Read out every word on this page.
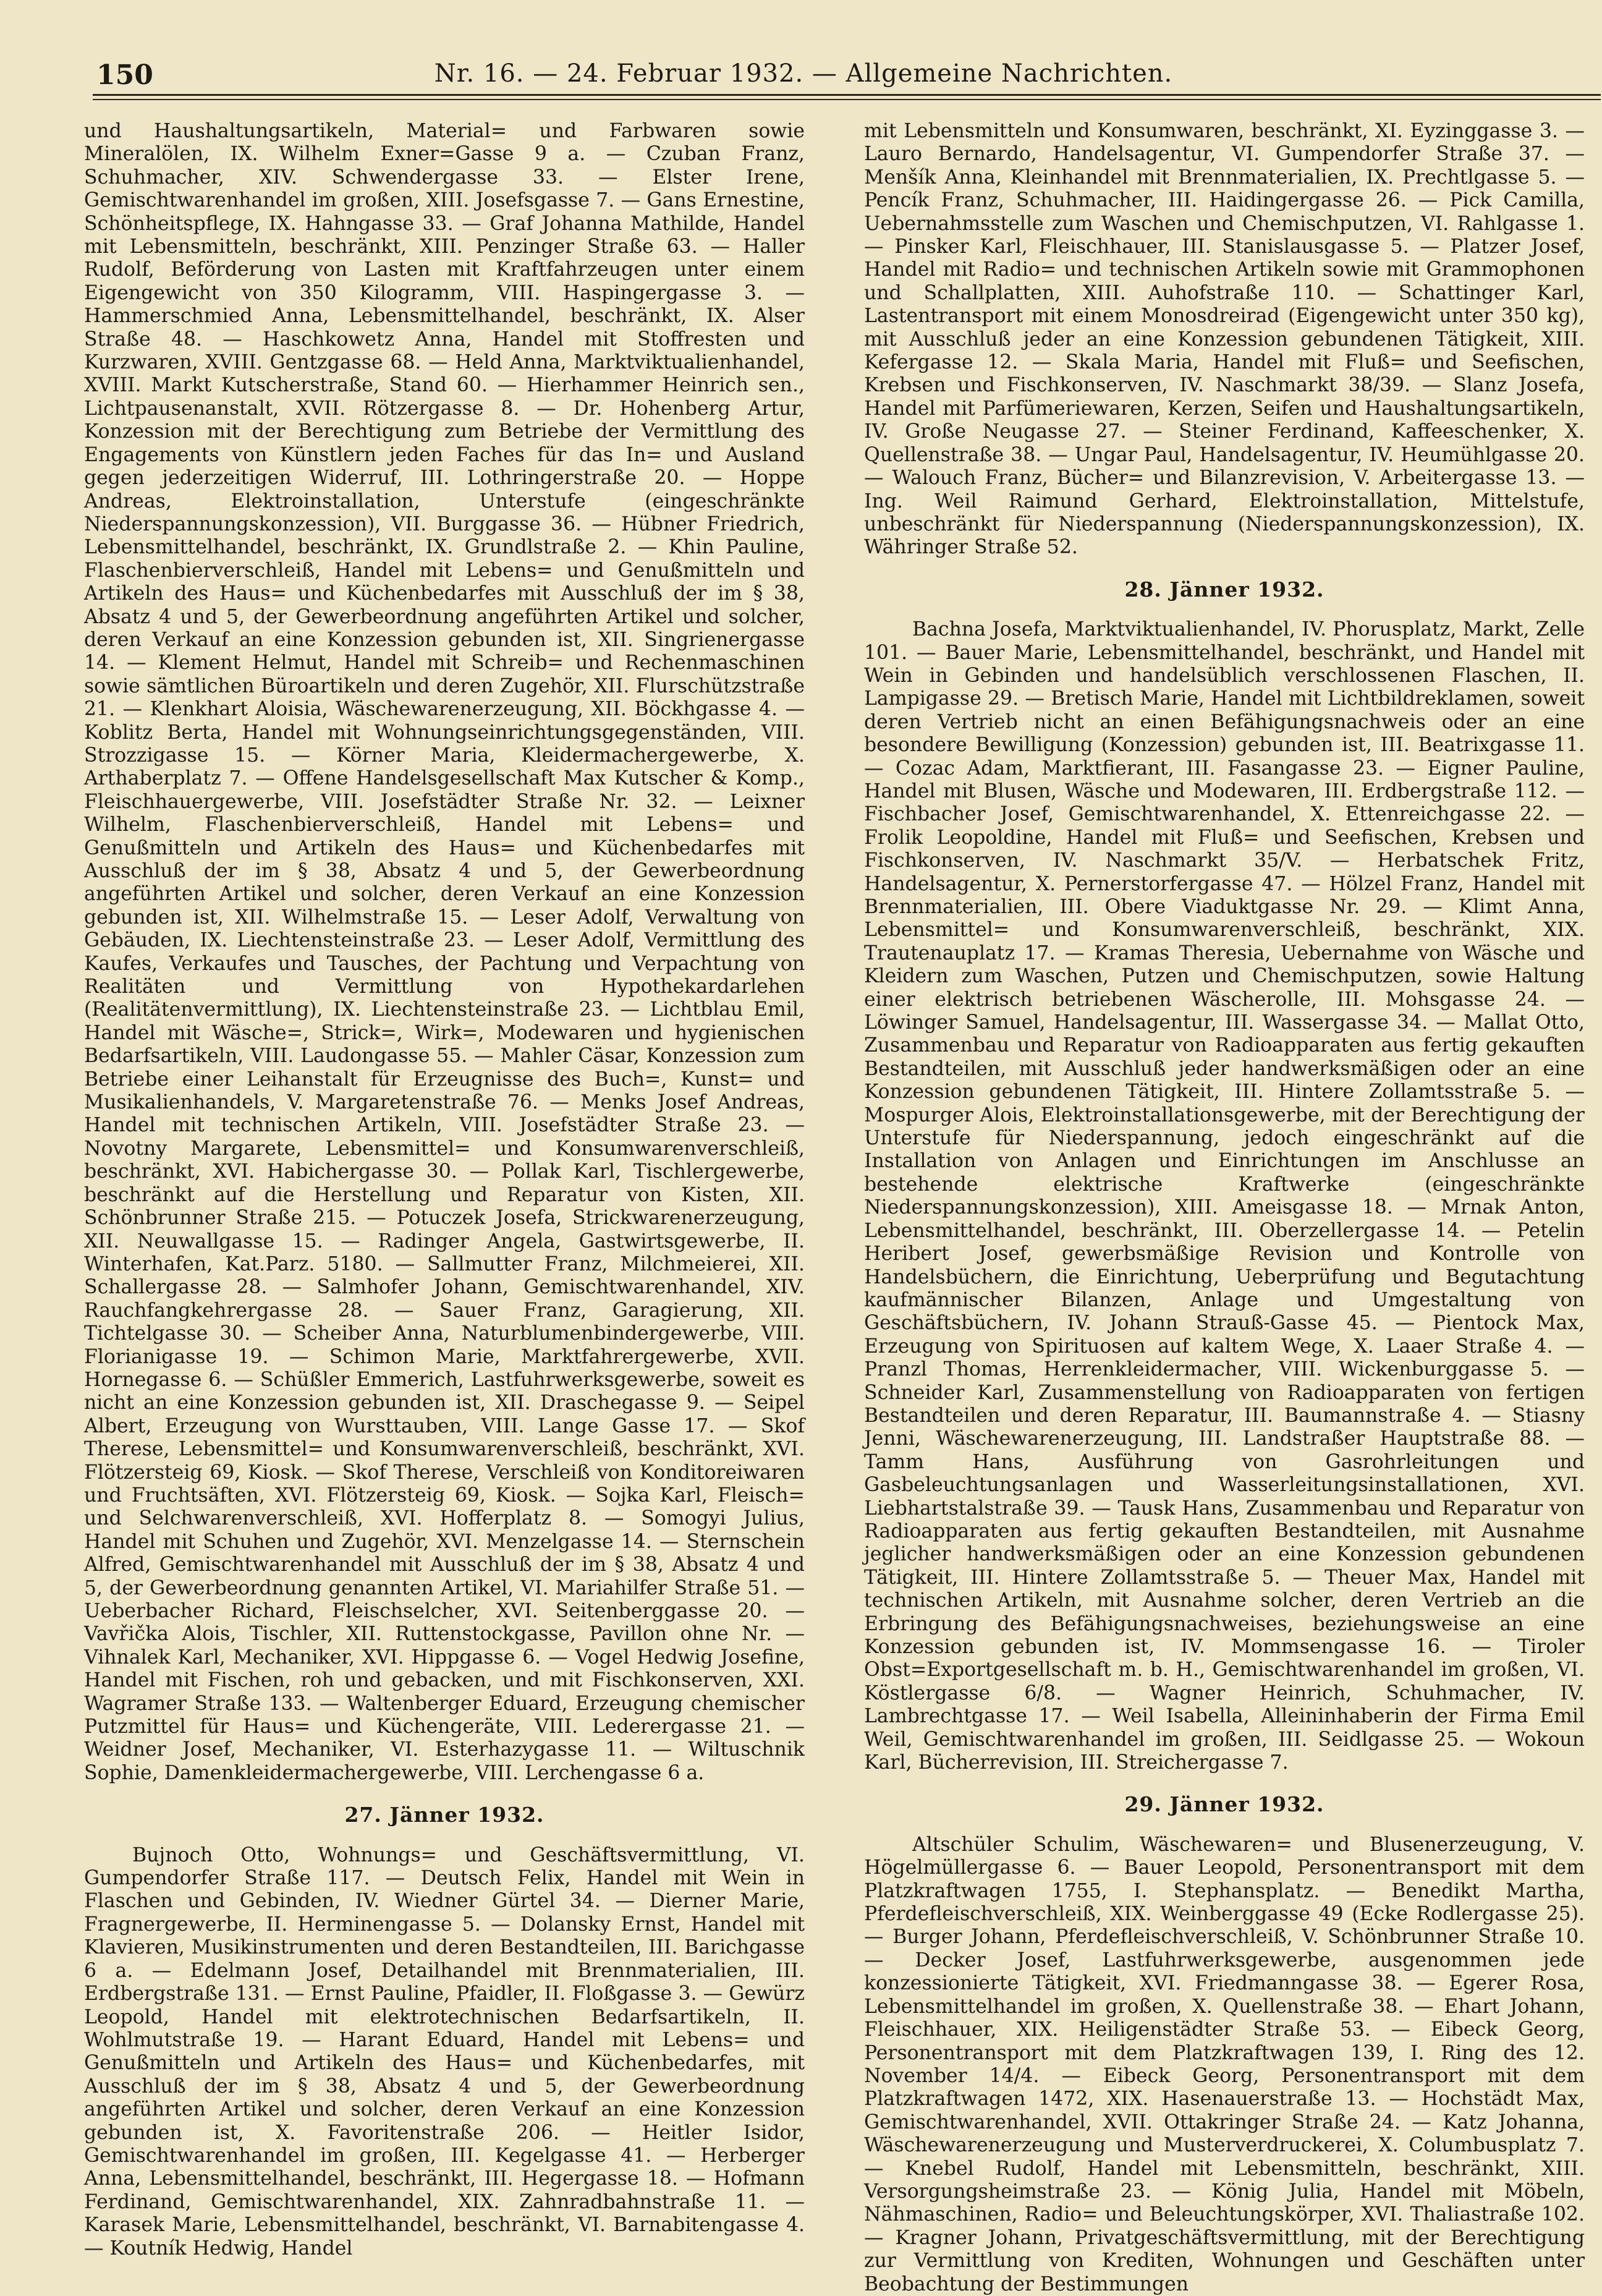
150	Nr. 16. — 24. Februar 1932. — Allgemeine Nachrichten.

und Haushaltungsartikeln, Material= und Farbwaren sowie Mineralölen, IX. Wilhelm Exner=Gasse 9 a. — Czuban Franz, Schuhmacher, XIV. Schwendergasse 33. — Elster Irene, Gemischtwarenhandel im großen, XIII. Josefsgasse 7. — Gans Ernestine, Schönheitspflege, IX. Hahngasse 33. — Graf Johanna Mathilde, Handel mit Lebensmitteln, beschränkt, XIII. Penzinger Straße 63. — Haller Rudolf, Beförderung von Lasten mit Kraftfahrzeugen unter einem Eigengewicht von 350 Kilogramm, VIII. Haspingergasse 3. — Hammerschmied Anna, Lebensmittelhandel, beschränkt, IX. Alser Straße 48. — Haschkowetz Anna, Handel mit Stoffresten und Kurzwaren, XVIII. Gentzgasse 68. — Held Anna, Marktviktualienhandel, XVIII. Markt Kutscherstraße, Stand 60. — Hierhammer Heinrich sen., Lichtpausenanstalt, XVII. Rötzergasse 8. — Dr. Hohenberg Artur, Konzession mit der Berechtigung zum Betriebe der Vermittlung des Engagements von Künstlern jeden Faches für das In= und Ausland gegen jederzeitigen Widerruf, III. Lothringerstraße 20. — Hoppe Andreas, Elektroinstallation, Unterstufe (eingeschränkte Niederspannungskonzession), VII. Burggasse 36. — Hübner Friedrich, Lebensmittelhandel, beschränkt, IX. Grundlstraße 2. — Khin Pauline, Flaschenbierverschleiß, Handel mit Lebens= und Genußmitteln und Artikeln des Haus= und Küchenbedarfes mit Ausschluß der im § 38, Absatz 4 und 5, der Gewerbeordnung angeführten Artikel und solcher, deren Verkauf an eine Konzession gebunden ist, XII. Singrienergasse 14. — Klement Helmut, Handel mit Schreib= und Rechenmaschinen sowie sämtlichen Büroartikeln und deren Zugehör, XII. Flurschützstraße 21. — Klenkhart Aloisia, Wäschewarenerzeugung, XII. Böckhgasse 4. — Koblitz Berta, Handel mit Wohnungseinrichtungsgegenständen, VIII. Strozzigasse 15. — Körner Maria, Kleidermachergewerbe, X. Arthaberplatz 7. — Offene Handelsgesellschaft Max Kutscher & Komp., Fleischhauergewerbe, VIII. Josefstädter Straße Nr. 32. — Leixner Wilhelm, Flaschenbierverschleiß, Handel mit Lebens= und Genußmitteln und Artikeln des Haus= und Küchenbedarfes mit Ausschluß der im § 38, Absatz 4 und 5, der Gewerbeordnung angeführten Artikel und solcher, deren Verkauf an eine Konzession gebunden ist, XII. Wilhelmstraße 15. — Leser Adolf, Verwaltung von Gebäuden, IX. Liechtensteinstraße 23. — Leser Adolf, Vermittlung des Kaufes, Verkaufes und Tausches, der Pachtung und Verpachtung von Realitäten und Vermittlung von Hypothekardarlehen (Realitätenvermittlung), IX. Liechtensteinstraße 23. — Lichtblau Emil, Handel mit Wäsche=, Strick=, Wirk=, Modewaren und hygienischen Bedarfsartikeln, VIII. Laudongasse 55. — Mahler Cäsar, Konzession zum Betriebe einer Leihanstalt für Erzeugnisse des Buch=, Kunst= und Musikalienhandels, V. Margaretenstraße 76. — Menks Josef Andreas, Handel mit technischen Artikeln, VIII. Josefstädter Straße 23. — Novotny Margarete, Lebensmittel= und Konsumwarenverschleiß, beschränkt, XVI. Habichergasse 30. — Pollak Karl, Tischlergewerbe, beschränkt auf die Herstellung und Reparatur von Kisten, XII. Schönbrunner Straße 215. — Potuczek Josefa, Strickwarenerzeugung, XII. Neuwallgasse 15. — Radinger Angela, Gastwirtsgewerbe, II. Winterhafen, Kat.Parz. 5180. — Sallmutter Franz, Milchmeierei, XII. Schallergasse 28. — Salmhofer Johann, Gemischtwarenhandel, XIV. Rauchfangkehrergasse 28. — Sauer Franz, Garagierung, XII. Tichtelgasse 30. — Scheiber Anna, Naturblumenbindergewerbe, VIII. Florianigasse 19. — Schimon Marie, Marktfahrergewerbe, XVII. Hornegasse 6. — Schüßler Emmerich, Lastfuhrwerksgewerbe, soweit es nicht an eine Konzession gebunden ist, XII. Draschegasse 9. — Seipel Albert, Erzeugung von Wursttauben, VIII. Lange Gasse 17. — Skof Therese, Lebensmittel= und Konsumwarenverschleiß, beschränkt, XVI. Flötzersteig 69, Kiosk. — Skof Therese, Verschleiß von Konditoreiwaren und Fruchtsäften, XVI. Flötzersteig 69, Kiosk. — Sojka Karl, Fleisch= und Selchwarenverschleiß, XVI. Hofferplatz 8. — Somogyi Julius, Handel mit Schuhen und Zugehör, XVI. Menzelgasse 14. — Sternschein Alfred, Gemischtwarenhandel mit Ausschluß der im § 38, Absatz 4 und 5, der Gewerbeordnung genannten Artikel, VI. Mariahilfer Straße 51. — Ueberbacher Richard, Fleischselcher, XVI. Seitenberggasse 20. — Vavřička Alois, Tischler, XII. Ruttenstockgasse, Pavillon ohne Nr. — Vihnalek Karl, Mechaniker, XVI. Hippgasse 6. — Vogel Hedwig Josefine, Handel mit Fischen, roh und gebacken, und mit Fischkonserven, XXI. Wagramer Straße 133. — Waltenberger Eduard, Erzeugung chemischer Putzmittel für Haus= und Küchengeräte, VIII. Lederergasse 21. — Weidner Josef, Mechaniker, VI. Esterhazygasse 11. — Wiltuschnik Sophie, Damenkleidermachergewerbe, VIII. Lerchengasse 6 a.

27. Jänner 1932.

Bujnoch Otto, Wohnungs= und Geschäftsvermittlung, VI. Gumpendorfer Straße 117. — Deutsch Felix, Handel mit Wein in Flaschen und Gebinden, IV. Wiedner Gürtel 34. — Dierner Marie, Fragnergewerbe, II. Herminengasse 5. — Dolansky Ernst, Handel mit Klavieren, Musikinstrumenten und deren Bestandteilen, III. Barichgasse 6 a. — Edelmann Josef, Detailhandel mit Brennmaterialien, III. Erdbergstraße 131. — Ernst Pauline, Pfaidler, II. Floßgasse 3. — Gewürz Leopold, Handel mit elektrotechnischen Bedarfsartikeln, II. Wohlmutstraße 19. — Harant Eduard, Handel mit Lebens= und Genußmitteln und Artikeln des Haus= und Küchenbedarfes, mit Ausschluß der im § 38, Absatz 4 und 5, der Gewerbeordnung angeführten Artikel und solcher, deren Verkauf an eine Konzession gebunden ist, X. Favoritenstraße 206. — Heitler Isidor, Gemischtwarenhandel im großen, III. Kegelgasse 41. — Herberger Anna, Lebensmittelhandel, beschränkt, III. Hegergasse 18. — Hofmann Ferdinand, Gemischtwarenhandel, XIX. Zahnradbahnstraße 11. — Karasek Marie, Lebensmittelhandel, beschränkt, VI. Barnabitengasse 4. — Koutník Hedwig, Handel

mit Lebensmitteln und Konsumwaren, beschränkt, XI. Eyzinggasse 3. — Lauro Bernardo, Handelsagentur, VI. Gumpendorfer Straße 37. — Menšík Anna, Kleinhandel mit Brennmaterialien, IX. Prechtlgasse 5. — Pencík Franz, Schuhmacher, III. Haidingergasse 26. — Pick Camilla, Uebernahmsstelle zum Waschen und Chemischputzen, VI. Rahlgasse 1. — Pinsker Karl, Fleischhauer, III. Stanislausgasse 5. — Platzer Josef, Handel mit Radio= und technischen Artikeln sowie mit Grammophonen und Schallplatten, XIII. Auhofstraße 110. — Schattinger Karl, Lastentransport mit einem Monosdreirad (Eigengewicht unter 350 kg), mit Ausschluß jeder an eine Konzession gebundenen Tätigkeit, XIII. Kefergasse 12. — Skala Maria, Handel mit Fluß= und Seefischen, Krebsen und Fischkonserven, IV. Naschmarkt 38/39. — Slanz Josefa, Handel mit Parfümeriewaren, Kerzen, Seifen und Haushaltungsartikeln, IV. Große Neugasse 27. — Steiner Ferdinand, Kaffeeschenker, X. Quellenstraße 38. — Ungar Paul, Handelsagentur, IV. Heumühlgasse 20. — Walouch Franz, Bücher= und Bilanzrevision, V. Arbeitergasse 13. — Ing. Weil Raimund Gerhard, Elektroinstallation, Mittelstufe, unbeschränkt für Niederspannung (Niederspannungskonzession), IX. Währinger Straße 52.

28. Jänner 1932.

Bachna Josefa, Marktviktualienhandel, IV. Phorusplatz, Markt, Zelle 101. — Bauer Marie, Lebensmittelhandel, beschränkt, und Handel mit Wein in Gebinden und handelsüblich verschlossenen Flaschen, II. Lampigasse 29. — Bretisch Marie, Handel mit Lichtbildreklamen, soweit deren Vertrieb nicht an einen Befähigungsnachweis oder an eine besondere Bewilligung (Konzession) gebunden ist, III. Beatrixgasse 11. — Cozac Adam, Marktfierant, III. Fasangasse 23. — Eigner Pauline, Handel mit Blusen, Wäsche und Modewaren, III. Erdbergstraße 112. — Fischbacher Josef, Gemischtwarenhandel, X. Ettenreichgasse 22. — Frolik Leopoldine, Handel mit Fluß= und Seefischen, Krebsen und Fischkonserven, IV. Naschmarkt 35/V. — Herbatschek Fritz, Handelsagentur, X. Pernerstorfergasse 47. — Hölzel Franz, Handel mit Brennmaterialien, III. Obere Viaduktgasse Nr. 29. — Klimt Anna, Lebensmittel= und Konsumwarenverschleiß, beschränkt, XIX. Trautenauplatz 17. — Kramas Theresia, Uebernahme von Wäsche und Kleidern zum Waschen, Putzen und Chemischputzen, sowie Haltung einer elektrisch betriebenen Wäscherolle, III. Mohsgasse 24. — Löwinger Samuel, Handelsagentur, III. Wassergasse 34. — Mallat Otto, Zusammenbau und Reparatur von Radioapparaten aus fertig gekauften Bestandteilen, mit Ausschluß jeder handwerksmäßigen oder an eine Konzession gebundenen Tätigkeit, III. Hintere Zollamtsstraße 5. — Mospurger Alois, Elektroinstallationsgewerbe, mit der Berechtigung der Unterstufe für Niederspannung, jedoch eingeschränkt auf die Installation von Anlagen und Einrichtungen im Anschlusse an bestehende elektrische Kraftwerke (eingeschränkte Niederspannungskonzession), XIII. Ameisgasse 18. — Mrnak Anton, Lebensmittelhandel, beschränkt, III. Oberzellergasse 14. — Petelin Heribert Josef, gewerbsmäßige Revision und Kontrolle von Handelsbüchern, die Einrichtung, Ueberprüfung und Begutachtung kaufmännischer Bilanzen, Anlage und Umgestaltung von Geschäftsbüchern, IV. Johann Strauß-Gasse 45. — Pientock Max, Erzeugung von Spirituosen auf kaltem Wege, X. Laaer Straße 4. — Pranzl Thomas, Herrenkleidermacher, VIII. Wickenburggasse 5. — Schneider Karl, Zusammenstellung von Radioapparaten von fertigen Bestandteilen und deren Reparatur, III. Baumannstraße 4. — Stiasny Jenni, Wäschewarenerzeugung, III. Landstraßer Hauptstraße 88. — Tamm Hans, Ausführung von Gasrohrleitungen und Gasbeleuchtungsanlagen und Wasserleitungsinstallationen, XVI. Liebhartstalstraße 39. — Tausk Hans, Zusammenbau und Reparatur von Radioapparaten aus fertig gekauften Bestandteilen, mit Ausnahme jeglicher handwerksmäßigen oder an eine Konzession gebundenen Tätigkeit, III. Hintere Zollamtsstraße 5. — Theuer Max, Handel mit technischen Artikeln, mit Ausnahme solcher, deren Vertrieb an die Erbringung des Befähigungsnachweises, beziehungsweise an eine Konzession gebunden ist, IV. Mommsengasse 16. — Tiroler Obst=Exportgesellschaft m. b. H., Gemischtwarenhandel im großen, VI. Köstlergasse 6/8. — Wagner Heinrich, Schuhmacher, IV. Lambrechtgasse 17. — Weil Isabella, Alleininhaberin der Firma Emil Weil, Gemischtwarenhandel im großen, III. Seidlgasse 25. — Wokoun Karl, Bücherrevision, III. Streichergasse 7.

29. Jänner 1932.

Altschüler Schulim, Wäschewaren= und Blusenerzeugung, V. Högelmüllergasse 6. — Bauer Leopold, Personentransport mit dem Platzkraftwagen 1755, I. Stephansplatz. — Benedikt Martha, Pferdefleischverschleiß, XIX. Weinberggasse 49 (Ecke Rodlergasse 25). — Burger Johann, Pferdefleischverschleiß, V. Schönbrunner Straße 10. — Decker Josef, Lastfuhrwerksgewerbe, ausgenommen jede konzessionierte Tätigkeit, XVI. Friedmanngasse 38. — Egerer Rosa, Lebensmittelhandel im großen, X. Quellenstraße 38. — Ehart Johann, Fleischhauer, XIX. Heiligenstädter Straße 53. — Eibeck Georg, Personentransport mit dem Platzkraftwagen 139, I. Ring des 12. November 14/4. — Eibeck Georg, Personentransport mit dem Platzkraftwagen 1472, XIX. Hasenauerstraße 13. — Hochstädt Max, Gemischtwarenhandel, XVII. Ottakringer Straße 24. — Katz Johanna, Wäschewarenerzeugung und Musterverdruckerei, X. Columbusplatz 7. — Knebel Rudolf, Handel mit Lebensmitteln, beschränkt, XIII. Versorgungsheimstraße 23. — König Julia, Handel mit Möbeln, Nähmaschinen, Radio= und Beleuchtungskörper, XVI. Thaliastraße 102. — Kragner Johann, Privatgeschäftsvermittlung, mit der Berechtigung zur Vermittlung von Krediten, Wohnungen und Geschäften unter Beobachtung der Bestimmungen
